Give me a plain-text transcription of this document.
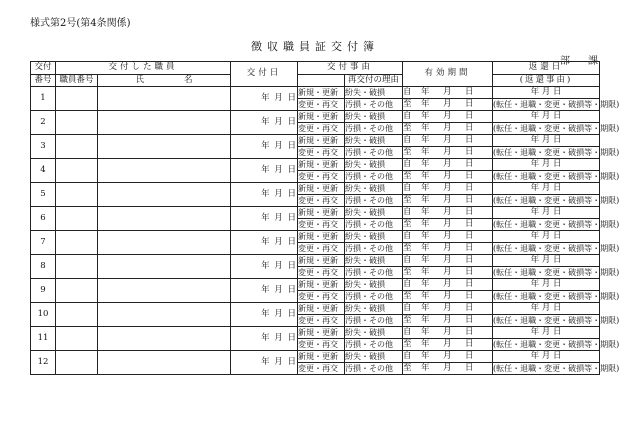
様式第2号(第4条関係)
徴収職員証交付簿
部課
交付	交付した職員		交付日	交付事由		有効期間	返還日
番号	職員番号	氏 名			再交付の理由		(返還事由)
1			年 月 日	新規・更新	紛失・破損	自 年 月 日	年 月 日
				変更・再交	汚損・その他	至 年 月 日	(転任・退職・変更・破損等・期限)
2			年 月 日	新規・更新	紛失・破損	自 年 月 日	年 月 日
				変更・再交	汚損・その他	至 年 月 日	(転任・退職・変更・破損等・期限)
3			年 月 日	新規・更新	紛失・破損	自 年 月 日	年 月 日
				変更・再交	汚損・その他	至 年 月 日	(転任・退職・変更・破損等・期限)
4			年 月 日	新規・更新	紛失・破損	自 年 月 日	年 月 日
				変更・再交	汚損・その他	至 年 月 日	(転任・退職・変更・破損等・期限)
5			年 月 日	新規・更新	紛失・破損	自 年 月 日	年 月 日
				変更・再交	汚損・その他	至 年 月 日	(転任・退職・変更・破損等・期限)
6			年 月 日	新規・更新	紛失・破損	自 年 月 日	年 月 日
				変更・再交	汚損・その他	至 年 月 日	(転任・退職・変更・破損等・期限)
7			年 月 日	新規・更新	紛失・破損	自 年 月 日	年 月 日
				変更・再交	汚損・その他	至 年 月 日	(転任・退職・変更・破損等・期限)
8			年 月 日	新規・更新	紛失・破損	自 年 月 日	年 月 日
				変更・再交	汚損・その他	至 年 月 日	(転任・退職・変更・破損等・期限)
9			年 月 日	新規・更新	紛失・破損	自 年 月 日	年 月 日
				変更・再交	汚損・その他	至 年 月 日	(転任・退職・変更・破損等・期限)
10			年 月 日	新規・更新	紛失・破損	自 年 月 日	年 月 日
				変更・再交	汚損・その他	至 年 月 日	(転任・退職・変更・破損等・期限)
11			年 月 日	新規・更新	紛失・破損	自 年 月 日	年 月 日
				変更・再交	汚損・その他	至 年 月 日	(転任・退職・変更・破損等・期限)
12			年 月 日	新規・更新	紛失・破損	自 年 月 日	年 月 日
				変更・再交	汚損・その他	至 年 月 日	(転任・退職・変更・破損等・期限)
